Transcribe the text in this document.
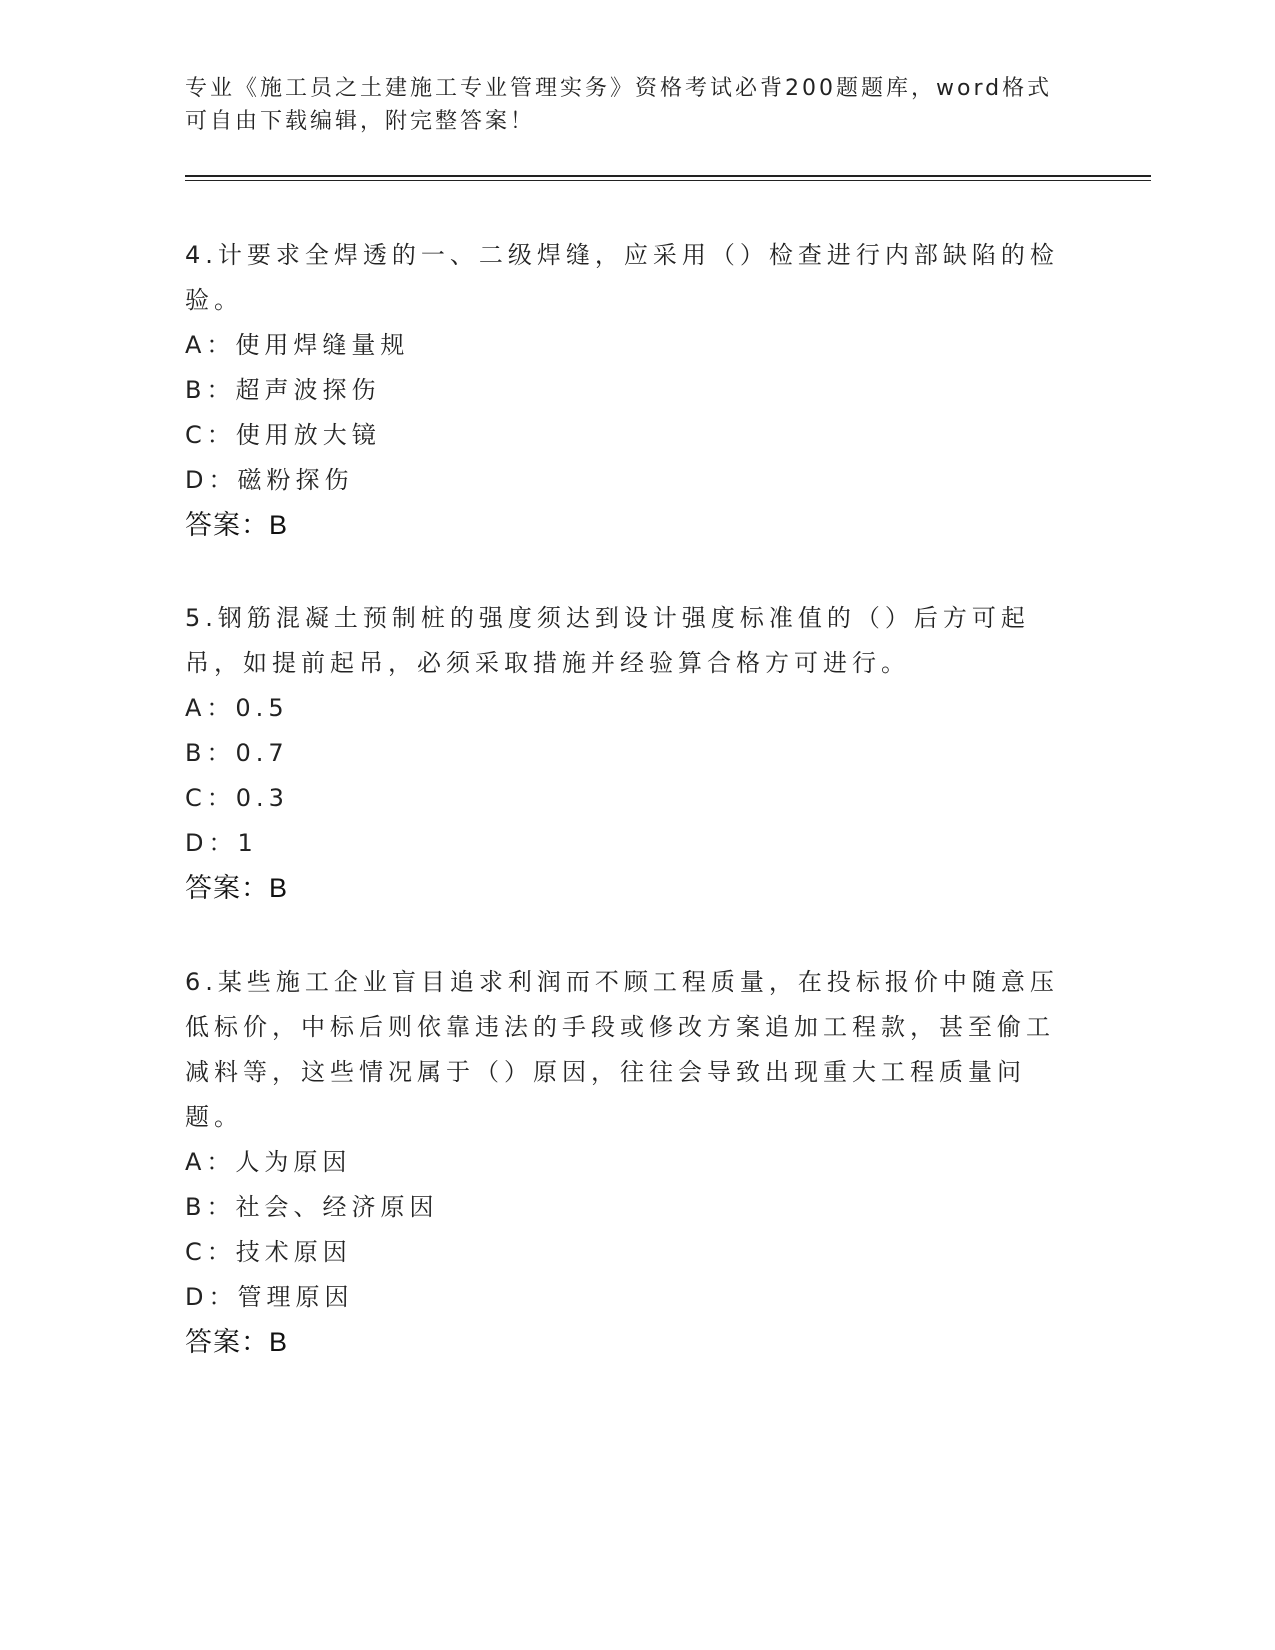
专业《施工员之土建施工专业管理实务》资格考试必背200题题库，word格式可自由下载编辑，附完整答案！

4.计要求全焊透的一、二级焊缝，应采用（）检查进行内部缺陷的检验。

A：使用焊缝量规
B：超声波探伤
C：使用放大镜
D：磁粉探伤
答案：B

5.钢筋混凝土预制桩的强度须达到设计强度标准值的（）后方可起吊，如提前起吊，必须采取措施并经验算合格方可进行。

A：0.5
B：0.7
C：0.3
D：1
答案：B

6.某些施工企业盲目追求利润而不顾工程质量，在投标报价中随意压低标价，中标后则依靠违法的手段或修改方案追加工程款，甚至偷工减料等，这些情况属于（）原因，往往会导致出现重大工程质量问题。

A：人为原因
B：社会、经济原因
C：技术原因
D：管理原因
答案：B
